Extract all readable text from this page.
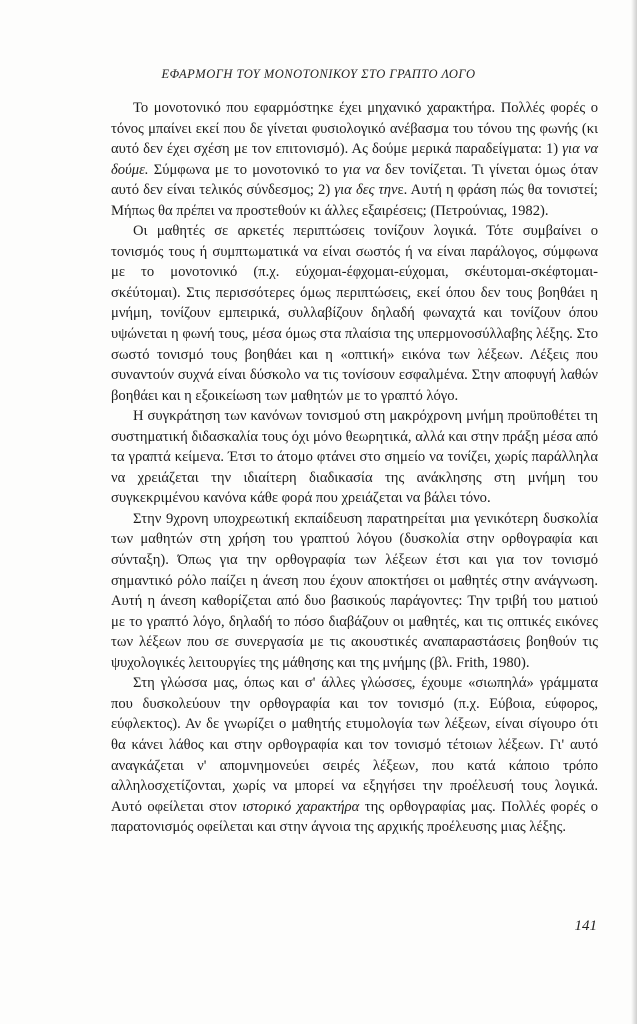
ΕΦΑΡΜΟΓΗ ΤΟΥ ΜΟΝΟΤΟΝΙΚΟΥ ΣΤΟ ΓΡΑΠΤΟ ΛΟΓΟ

Το μονοτονικό που εφαρμόστηκε έχει μηχανικό χαρακτήρα. Πολλές φορές ο τόνος μπαίνει εκεί που δε γίνεται φυσιολογικό ανέβασμα του τόνου της φωνής (κι αυτό δεν έχει σχέση με τον επιτονισμό). Ας δούμε μερικά παραδείγματα: 1) για να δούμε. Σύμφωνα με το μονοτονικό το για να δεν τονίζεται. Τι γίνεται όμως όταν αυτό δεν είναι τελικός σύνδεσμος; 2) για δες τηνε. Αυτή η φράση πώς θα τονιστεί; Μήπως θα πρέπει να προστεθούν κι άλλες εξαιρέσεις; (Πετρούνιας, 1982).

Οι μαθητές σε αρκετές περιπτώσεις τονίζουν λογικά. Τότε συμβαίνει ο τονισμός τους ή συμπτωματικά να είναι σωστός ή να είναι παράλογος, σύμφωνα με το μονοτονικό (π.χ. εύχομαι-έφχομαι-εύχομαι, σκέυτομαι-σκέφτομαι-σκέύτομαι). Στις περισσότερες όμως περιπτώσεις, εκεί όπου δεν τους βοηθάει η μνήμη, τονίζουν εμπειρικά, συλλαβίζουν δηλαδή φωναχτά και τονίζουν όπου υψώνεται η φωνή τους, μέσα όμως στα πλαίσια της υπερμονοσύλλαβης λέξης. Στο σωστό τονισμό τους βοηθάει και η «οπτική» εικόνα των λέξεων. Λέξεις που συναντούν συχνά είναι δύσκολο να τις τονίσουν εσφαλμένα. Στην αποφυγή λαθών βοηθάει και η εξοικείωση των μαθητών με το γραπτό λόγο.

Η συγκράτηση των κανόνων τονισμού στη μακρόχρονη μνήμη προϋποθέτει τη συστηματική διδασκαλία τους όχι μόνο θεωρητικά, αλλά και στην πράξη μέσα από τα γραπτά κείμενα. Έτσι το άτομο φτάνει στο σημείο να τονίζει, χωρίς παράλληλα να χρειάζεται την ιδιαίτερη διαδικασία της ανάκλησης στη μνήμη του συγκεκριμένου κανόνα κάθε φορά που χρειάζεται να βάλει τόνο.

Στην 9χρονη υποχρεωτική εκπαίδευση παρατηρείται μια γενικότερη δυσκολία των μαθητών στη χρήση του γραπτού λόγου (δυσκολία στην ορθογραφία και σύνταξη). Όπως για την ορθογραφία των λέξεων έτσι και για τον τονισμό σημαντικό ρόλο παίζει η άνεση που έχουν αποκτήσει οι μαθητές στην ανάγνωση. Αυτή η άνεση καθορίζεται από δυο βασικούς παράγοντες: Την τριβή του ματιού με το γραπτό λόγο, δηλαδή το πόσο διαβάζουν οι μαθητές, και τις οπτικές εικόνες των λέξεων που σε συνεργασία με τις ακουστικές αναπαραστάσεις βοηθούν τις ψυχολογικές λειτουργίες της μάθησης και της μνήμης (βλ. Frith, 1980).

Στη γλώσσα μας, όπως και σ' άλλες γλώσσες, έχουμε «σιωπηλά» γράμματα που δυσκολεύουν την ορθογραφία και τον τονισμό (π.χ. Εύβοια, εύφορος, εύφλεκτος). Αν δε γνωρίζει ο μαθητής ετυμολογία των λέξεων, είναι σίγουρο ότι θα κάνει λάθος και στην ορθογραφία και τον τονισμό τέτοιων λέξεων. Γι' αυτό αναγκάζεται ν' απομνημονεύει σειρές λέξεων, που κατά κάποιο τρόπο αλληλοσχετίζονται, χωρίς να μπορεί να εξηγήσει την προέλευσή τους λογικά. Αυτό οφείλεται στον ιστορικό χαρακτήρα της ορθογραφίας μας. Πολλές φορές ο παρατονισμός οφείλεται και στην άγνοια της αρχικής προέλευσης μιας λέξης.

141
